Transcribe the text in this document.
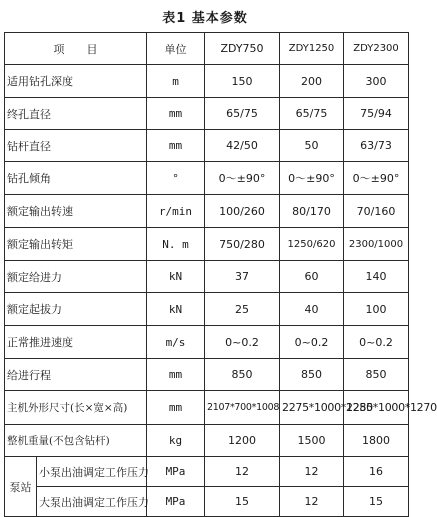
表1 基本参数
项　　目		单位	ZDY750	ZDY1250	ZDY2300
适用钻孔深度		m	150	200	300
终孔直径		mm	65/75	65/75	75/94
钻杆直径		mm	42/50	50	63/73
钻孔倾角		°	0～±90°	0～±90°	0～±90°
额定输出转速		r/min	100/260	80/170	70/160
额定输出转矩		N. m	750/280	1250/620	2300/1000
额定给进力		kN	37	60	140
额定起拔力		kN	25	40	100
正常推进速度		m/s	0~0.2	0~0.2	0~0.2
给进行程		mm	850	850	850
主机外形尺寸(长×宽×高)		mm	2107*700*1008	2275*1000*1250	2285*1000*1270
整机重量(不包含钻杆)		kg	1200	1500	1800
泵站	小泵出油调定工作压力	MPa	12	12	16
	大泵出油调定工作压力	MPa	15	12	15
